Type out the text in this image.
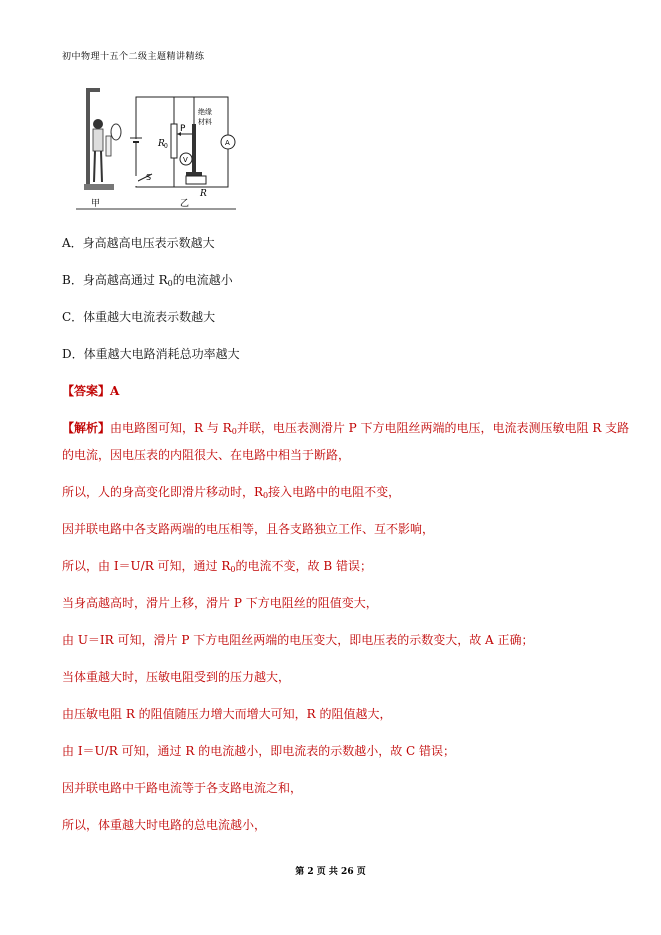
初中物理十五个二级主题精讲精练
甲	乙
R 0
P
绝缘
材料
V
A
S
R
A．身高越高电压表示数越大
B．身高越高通过 $R_0$的电流越小
C．体重越大电流表示数越大
D．体重越大电路消耗总功率越大
【答案】A
【解析】由电路图可知，R 与 $R_0$并联，电压表测滑片 P 下方电阻丝两端的电压，电流表测压敏电阻 R 支路
的电流，因电压表的内阻很大、在电路中相当于断路，
所以，人的身高变化即滑片移动时，$R_0$接入电路中的电阻不变，
因并联电路中各支路两端的电压相等，且各支路独立工作、互不影响，
所以，由 I＝U/R 可知，通过 $R_0$的电流不变，故 B 错误；
当身高越高时，滑片上移，滑片 P 下方电阻丝的阻值变大，
由 U＝IR 可知，滑片 P 下方电阻丝两端的电压变大，即电压表的示数变大，故 A 正确；
当体重越大时，压敏电阻受到的压力越大，
由压敏电阻 R 的阻值随压力增大而增大可知，R 的阻值越大，
由 I＝U/R 可知，通过 R 的电流越小，即电流表的示数越小，故 C 错误；
因并联电路中干路电流等于各支路电流之和，
所以，体重越大时电路的总电流越小，
第 2 页 共 26 页
